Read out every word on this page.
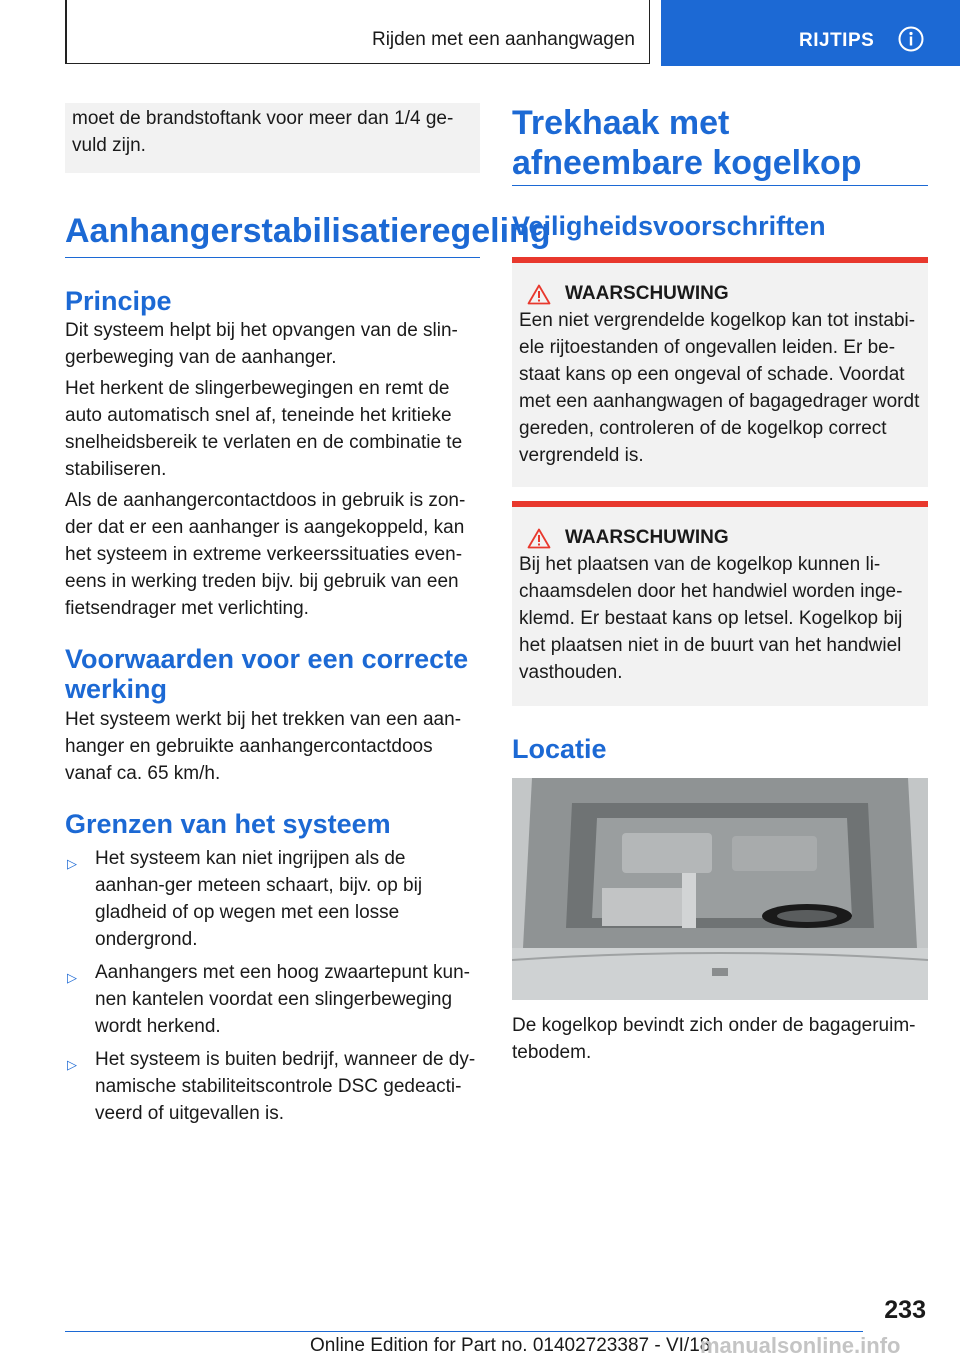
Rijden met een aanhangwagen	RIJTIPS

moet de brandstoftank voor meer dan 1/4 ge-vuld zijn.

Aanhangerstabilisatieregeling
Principe

Dit systeem helpt bij het opvangen van de slin-gerbeweging van de aanhanger.

Het herkent de slingerbewegingen en remt de auto automatisch snel af, teneinde het kritieke snelheidsbereik te verlaten en de combinatie te stabiliseren.

Als de aanhangercontactdoos in gebruik is zon-der dat er een aanhanger is aangekoppeld, kan het systeem in extreme verkeerssituaties even-eens in werking treden bijv. bij gebruik van een fietsendrager met verlichting.

Voorwaarden voor een correcte werking

Het systeem werkt bij het trekken van een aan-hanger en gebruikte aanhangercontactdoos vanaf ca. 65 km/h.

Grenzen van het systeem
▷ Het systeem kan niet ingrijpen als de aanhan-ger meteen schaart, bijv. op bij gladheid of op wegen met een losse ondergrond.
▷ Aanhangers met een hoog zwaartepunt kun-nen kantelen voordat een slingerbeweging wordt herkend.
▷ Het systeem is buiten bedrijf, wanneer de dy-namische stabiliteitscontrole DSC gedeacti-veerd of uitgevallen is.
Trekhaak met afneembare kogelkop
Veiligheidsvoorschriften
WAARSCHUWING

Een niet vergrendelde kogelkop kan tot instabi-ele rijtoestanden of ongevallen leiden. Er be-staat kans op een ongeval of schade. Voordat met een aanhangwagen of bagagedrager wordt gereden, controleren of de kogelkop correct vergrendeld is.

WAARSCHUWING

Bij het plaatsen van de kogelkop kunnen li-chaamsdelen door het handwiel worden inge-klemd. Er bestaat kans op letsel. Kogelkop bij het plaatsen niet in de buurt van het handwiel vasthouden.

Locatie

De kogelkop bevindt zich onder de bagageruim-tebodem.

233
Online Edition for Part no. 01402723387 - VI/18
manualsonline.info
